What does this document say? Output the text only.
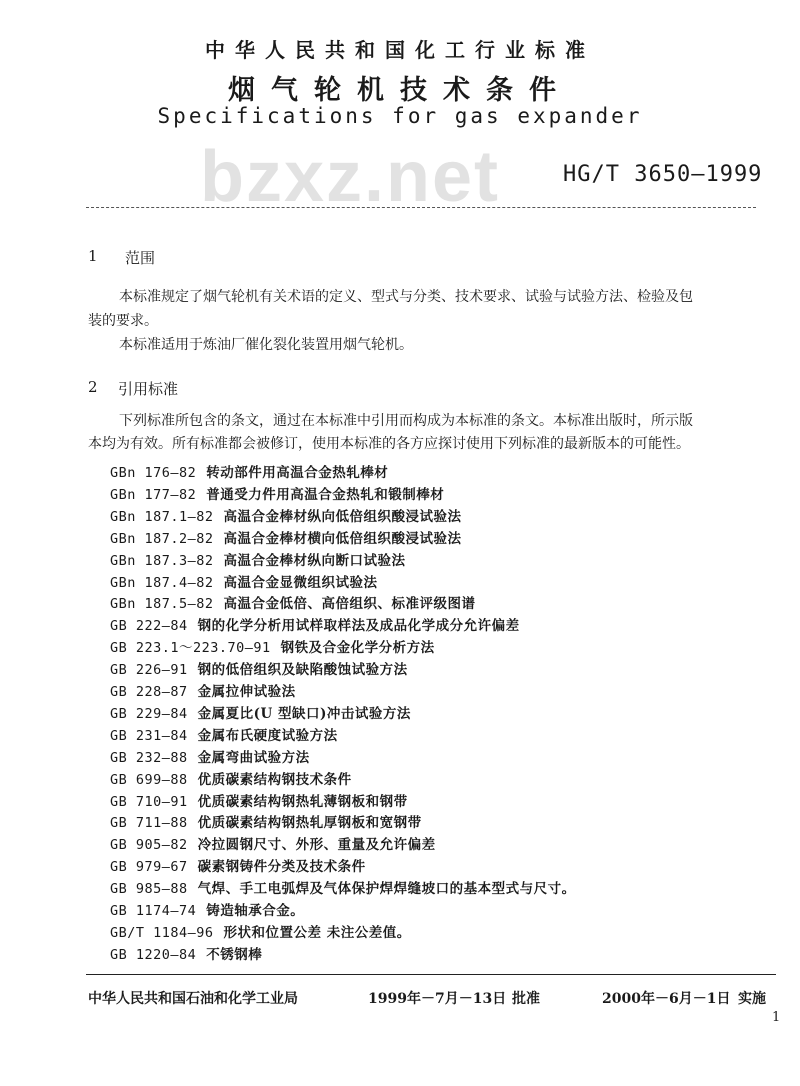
中华人民共和国化工行业标准
烟气轮机技术条件
Specifications for gas expander
bzxz.net	HG/T 3650—1999
1 范围
本标准规定了烟气轮机有关术语的定义、型式与分类、技术要求、试验与试验方法、检验及包
装的要求。
本标准适用于炼油厂催化裂化装置用烟气轮机。
2 引用标准
下列标准所包含的条文，通过在本标准中引用而构成为本标准的条文。本标准出版时，所示版
本均为有效。所有标准都会被修订，使用本标准的各方应探讨使用下列标准的最新版本的可能性。
GBn 176—82 转动部件用高温合金热轧棒材
GBn 177—82 普通受力件用高温合金热轧和锻制棒材
GBn 187.1—82 高温合金棒材纵向低倍组织酸浸试验法
GBn 187.2—82 高温合金棒材横向低倍组织酸浸试验法
GBn 187.3—82 高温合金棒材纵向断口试验法
GBn 187.4—82 高温合金显微组织试验法
GBn 187.5—82 高温合金低倍、高倍组织、标准评级图谱
GB 222—84 钢的化学分析用试样取样法及成品化学成分允许偏差
GB 223.1～223.70—91 钢铁及合金化学分析方法
GB 226—91 钢的低倍组织及缺陷酸蚀试验方法
GB 228—87 金属拉伸试验法
GB 229—84 金属夏比(U 型缺口)冲击试验方法
GB 231—84 金属布氏硬度试验方法
GB 232—88 金属弯曲试验方法
GB 699—88 优质碳素结构钢技术条件
GB 710—91 优质碳素结构钢热轧薄钢板和钢带
GB 711—88 优质碳素结构钢热轧厚钢板和宽钢带
GB 905—82 冷拉圆钢尺寸、外形、重量及允许偏差
GB 979—67 碳素钢铸件分类及技术条件
GB 985—88 气焊、手工电弧焊及气体保护焊焊缝坡口的基本型式与尺寸。
GB 1174—74 铸造轴承合金。
GB/T 1184—96 形状和位置公差 未注公差值。
GB 1220—84 不锈钢棒
中华人民共和国石油和化学工业局	1999年－7月－13日 批准	2000年－6月－1日 实施
1
